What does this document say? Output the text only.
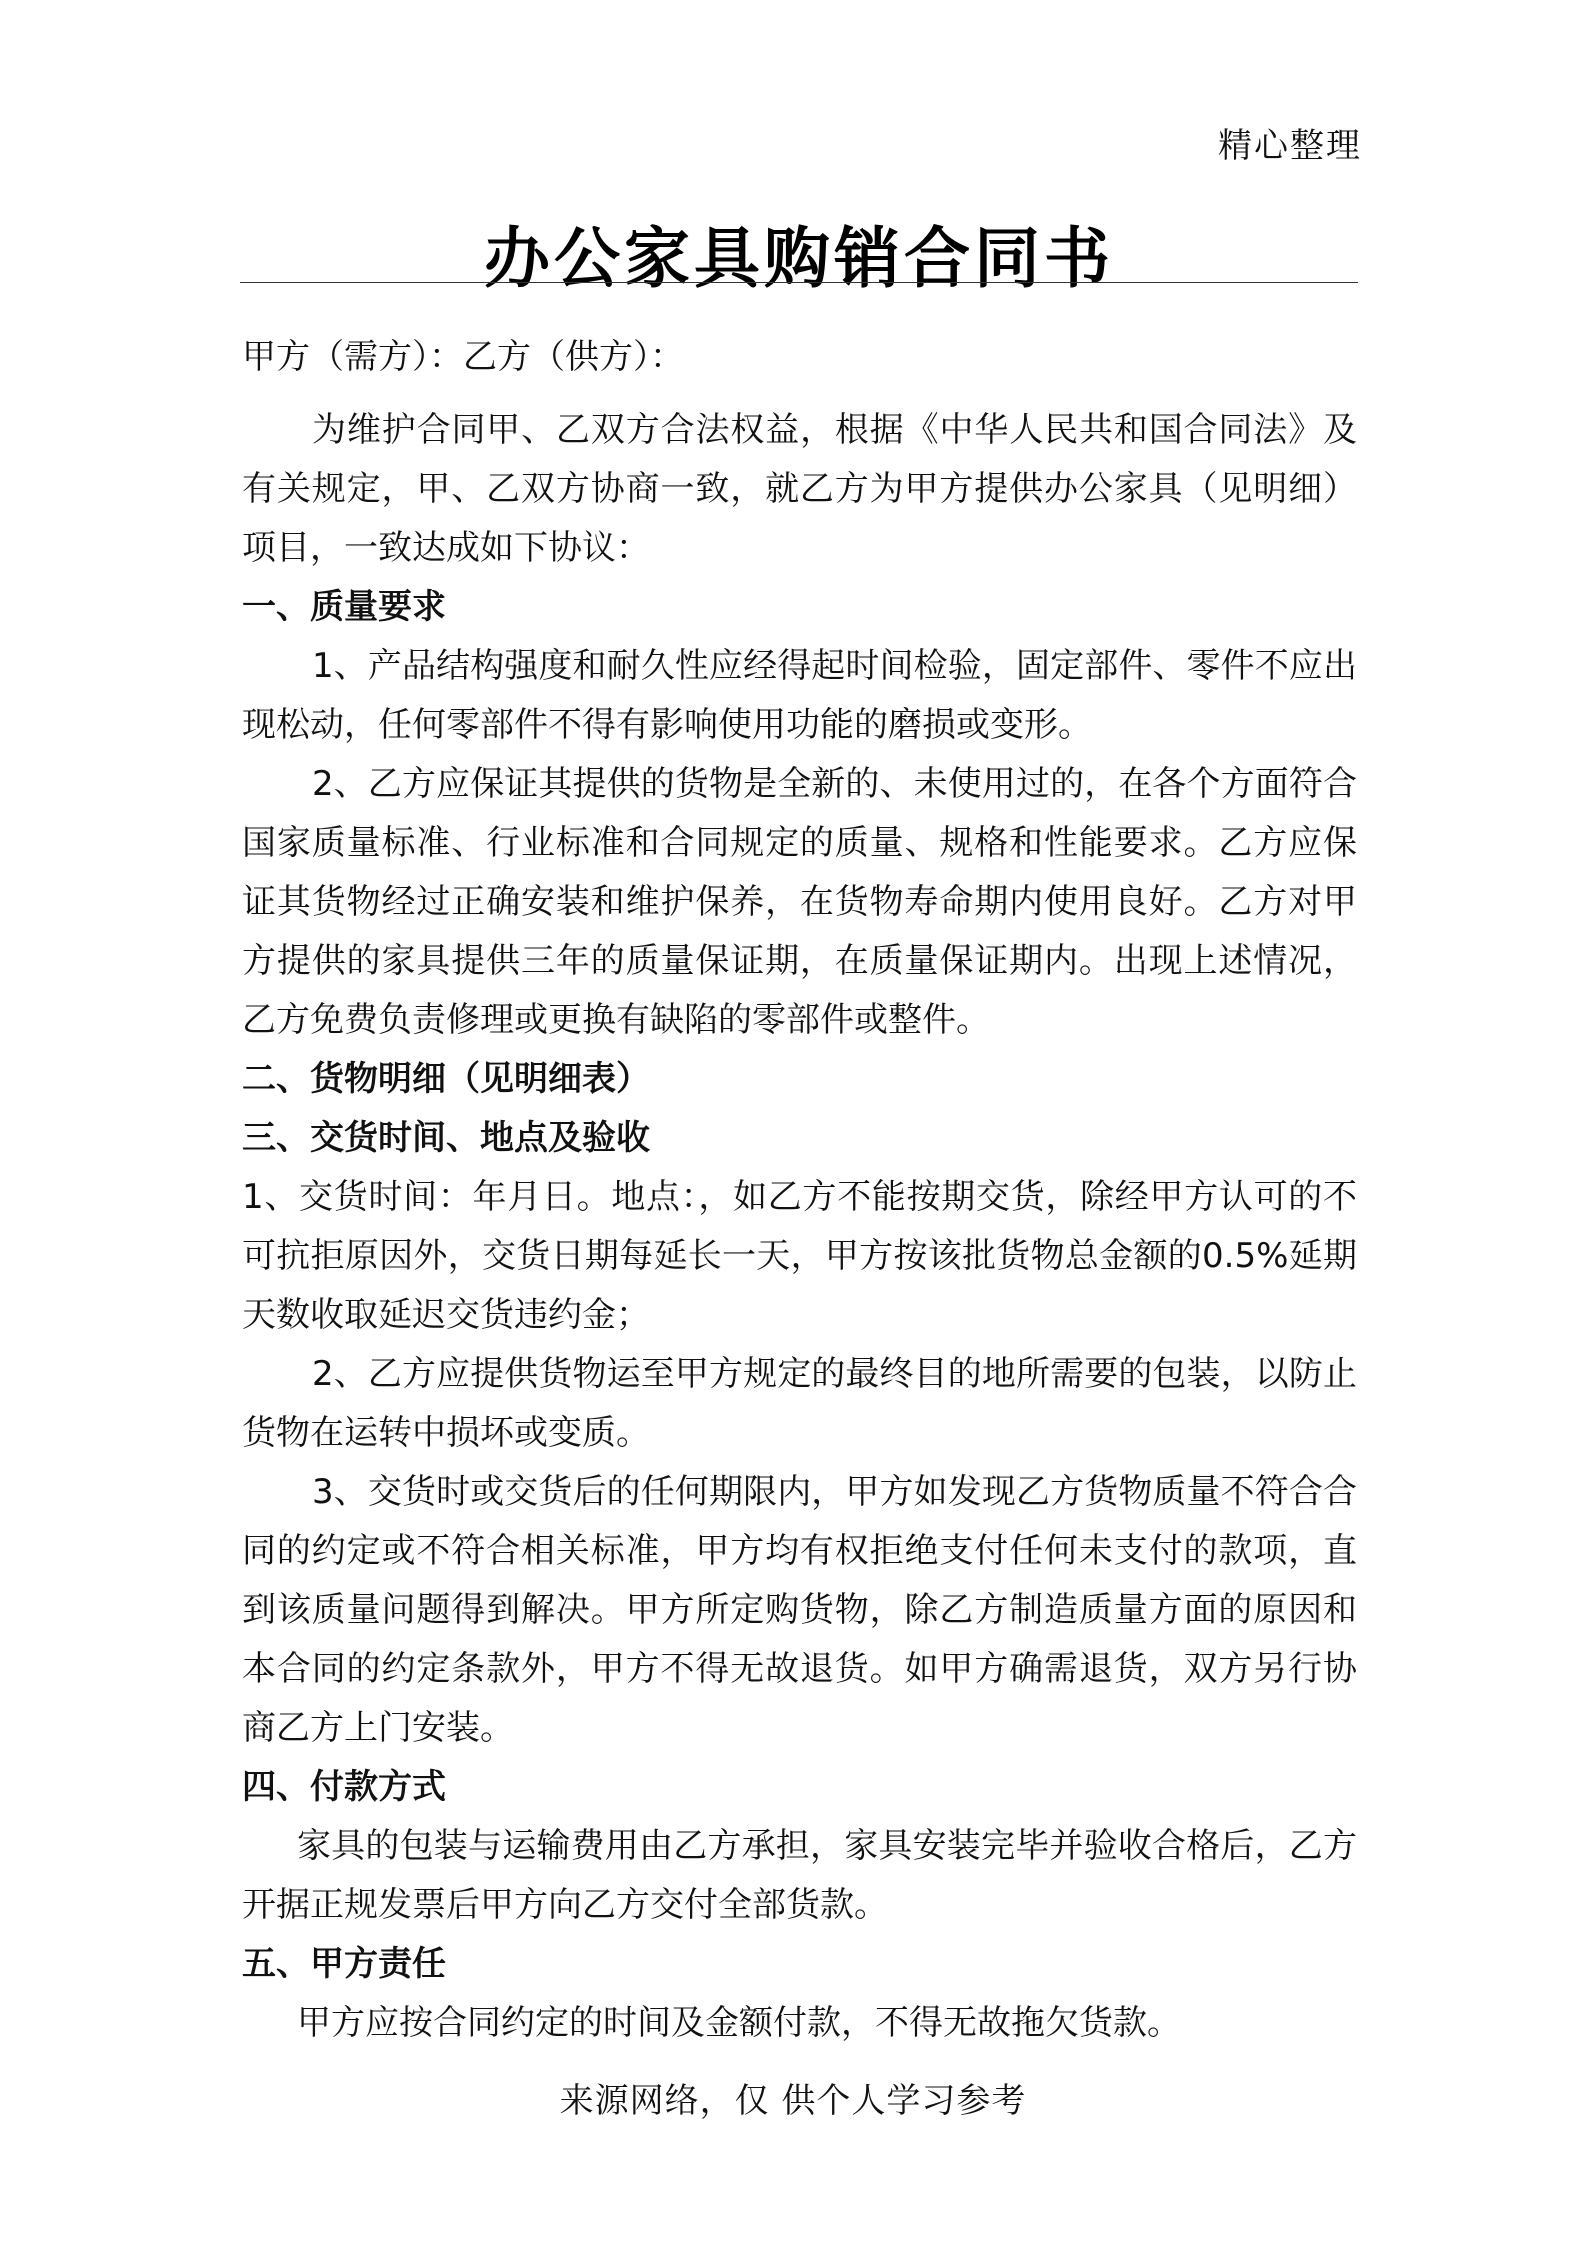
精心整理
办公家具购销合同书

甲方（需方）：乙方（供方）：

为维护合同甲、乙双方合法权益，根据《中华人民共和国合同法》及有关规定，甲、乙双方协商一致，就乙方为甲方提供办公家具（见明细）项目，一致达成如下协议：

一、质量要求

1、产品结构强度和耐久性应经得起时间检验，固定部件、零件不应出现松动，任何零部件不得有影响使用功能的磨损或变形。

2、乙方应保证其提供的货物是全新的、未使用过的，在各个方面符合国家质量标准、行业标准和合同规定的质量、规格和性能要求。乙方应保证其货物经过正确安装和维护保养，在货物寿命期内使用良好。乙方对甲方提供的家具提供三年的质量保证期，在质量保证期内。出现上述情况，乙方免费负责修理或更换有缺陷的零部件或整件。

二、货物明细（见明细表）

三、交货时间、地点及验收

1、交货时间：年月日。地点：，如乙方不能按期交货，除经甲方认可的不可抗拒原因外，交货日期每延长一天，甲方按该批货物总金额的0.5%延期天数收取延迟交货违约金；

2、乙方应提供货物运至甲方规定的最终目的地所需要的包装，以防止货物在运转中损坏或变质。

3、交货时或交货后的任何期限内，甲方如发现乙方货物质量不符合合同的约定或不符合相关标准，甲方均有权拒绝支付任何未支付的款项，直到该质量问题得到解决。甲方所定购货物，除乙方制造质量方面的原因和本合同的约定条款外，甲方不得无故退货。如甲方确需退货，双方另行协商乙方上门安装。

四、付款方式

家具的包装与运输费用由乙方承担，家具安装完毕并验收合格后，乙方开据正规发票后甲方向乙方交付全部货款。

五、甲方责任

甲方应按合同约定的时间及金额付款，不得无故拖欠货款。

来源网络，仅 供个人学习参考
